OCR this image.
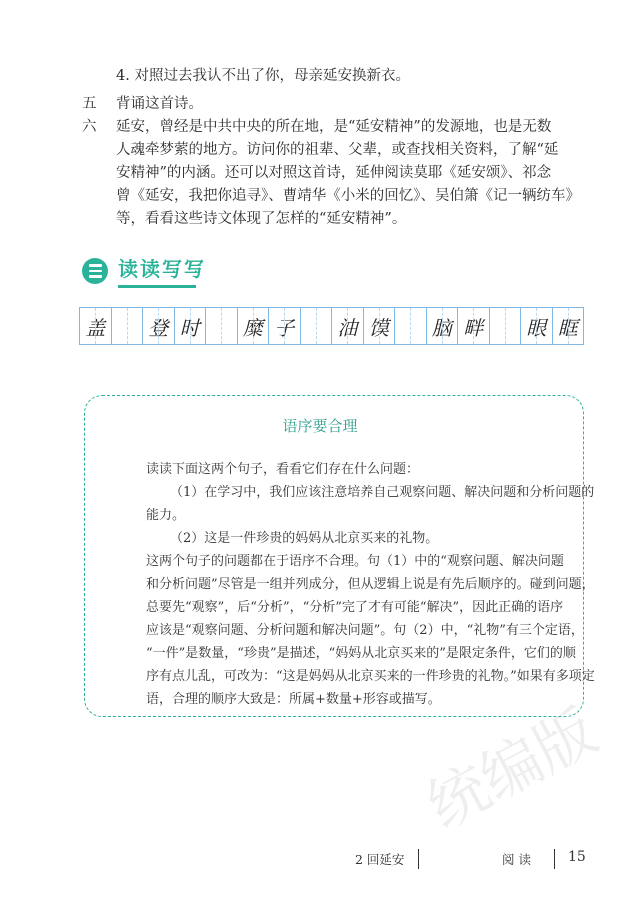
4. 对照过去我认不出了你，母亲延安换新衣。
五 背诵这首诗。
六 延安，曾经是中共中央的所在地，是“延安精神”的发源地，也是无数
人魂牵梦萦的地方。访问你的祖辈、父辈，或查找相关资料，了解“延
安精神”的内涵。还可以对照这首诗，延伸阅读莫耶《延安颂》、祁念
曾《延安，我把你追寻》、曹靖华《小米的回忆》、吴伯箫《记一辆纺车》
等，看看这些诗文体现了怎样的“延安精神”。
读读写写
盖	登 时	糜 子	油 馍	脑 畔	眼 眶
语序要合理
读读下面这两个句子，看看它们存在什么问题：
（1）在学习中，我们应该注意培养自己观察问题、解决问题和分析问题的
能力。
（2）这是一件珍贵的妈妈从北京买来的礼物。
这两个句子的问题都在于语序不合理。句（1）中的“观察问题、解决问题
和分析问题”尽管是一组并列成分，但从逻辑上说是有先后顺序的。碰到问题，
总要先“观察”，后“分析”，“分析”完了才有可能“解决”，因此正确的语序
应该是“观察问题、分析问题和解决问题”。句（2）中，“礼物”有三个定语，
“一件”是数量，“珍贵”是描述，“妈妈从北京买来的”是限定条件，它们的顺
序有点儿乱，可改为：“这是妈妈从北京买来的一件珍贵的礼物。”如果有多项定
语，合理的顺序大致是：所属+数量+形容或描写。
统编版
2 回延安	阅 读	15
